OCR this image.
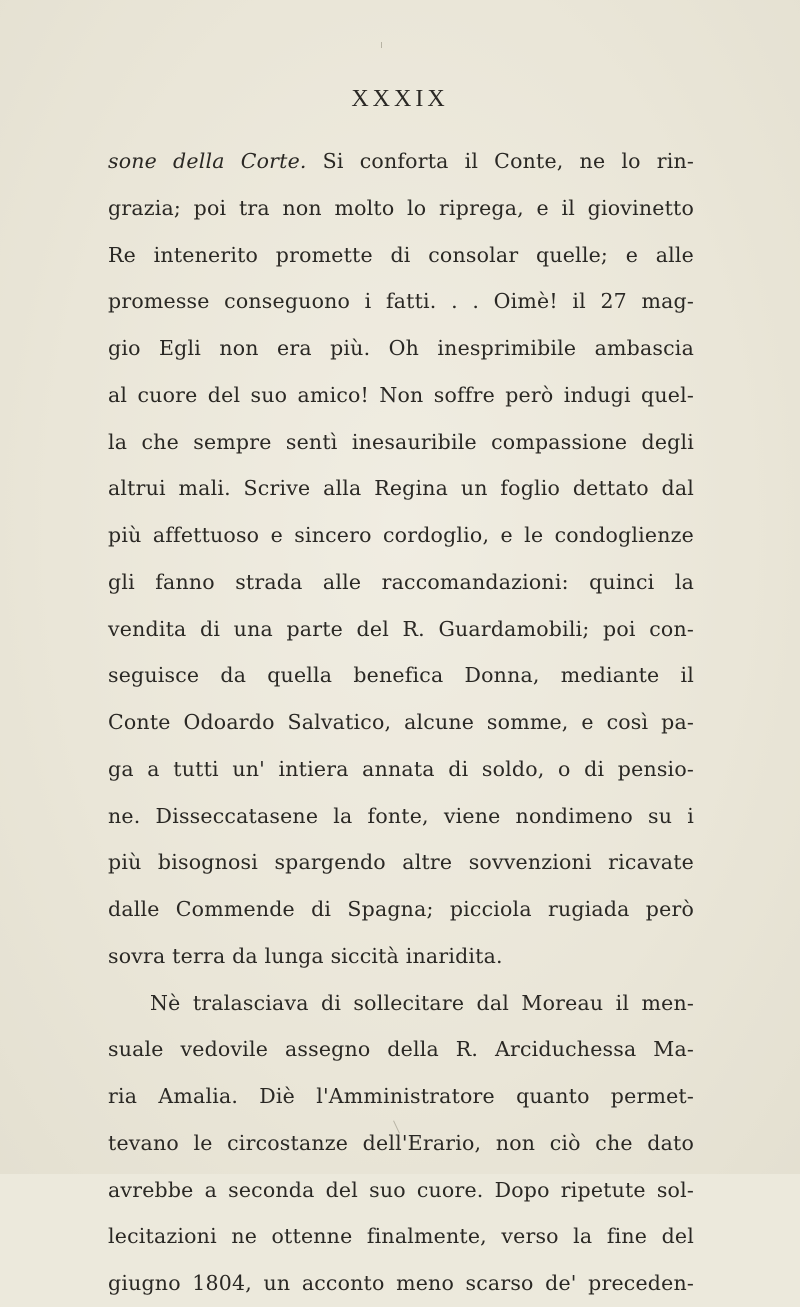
XXXIX
sone della Corte. Si conforta il Conte, ne lo rin-
grazia; poi tra non molto lo riprega, e il giovinetto
Re intenerito promette di consolar quelle; e alle
promesse conseguono i fatti. . . Oimè! il 27 mag-
gio Egli non era più. Oh inesprimibile ambascia
al cuore del suo amico! Non soffre però indugi quel-
la che sempre sentì inesauribile compassione degli
altrui mali. Scrive alla Regina un foglio dettato dal
più affettuoso e sincero cordoglio, e le condoglienze
gli fanno strada alle raccomandazioni: quinci la
vendita di una parte del R. Guardamobili; poi con-
seguisce da quella benefica Donna, mediante il
Conte Odoardo Salvatico, alcune somme, e così pa-
ga a tutti un' intiera annata di soldo, o di pensio-
ne. Disseccatasene la fonte, viene nondimeno su i
più bisognosi spargendo altre sovvenzioni ricavate
dalle Commende di Spagna; picciola rugiada però
sovra terra da lunga siccità inaridita.
Nè tralasciava di sollecitare dal Moreau il men-
suale vedovile assegno della R. Arciduchessa Ma-
ria Amalia. Diè l'Amministratore quanto permet-
tevano le circostanze dell'Erario, non ciò che dato
avrebbe a seconda del suo cuore. Dopo ripetute sol-
lecitazioni ne ottenne finalmente, verso la fine del
giugno 1804, un acconto meno scarso de' preceden-
